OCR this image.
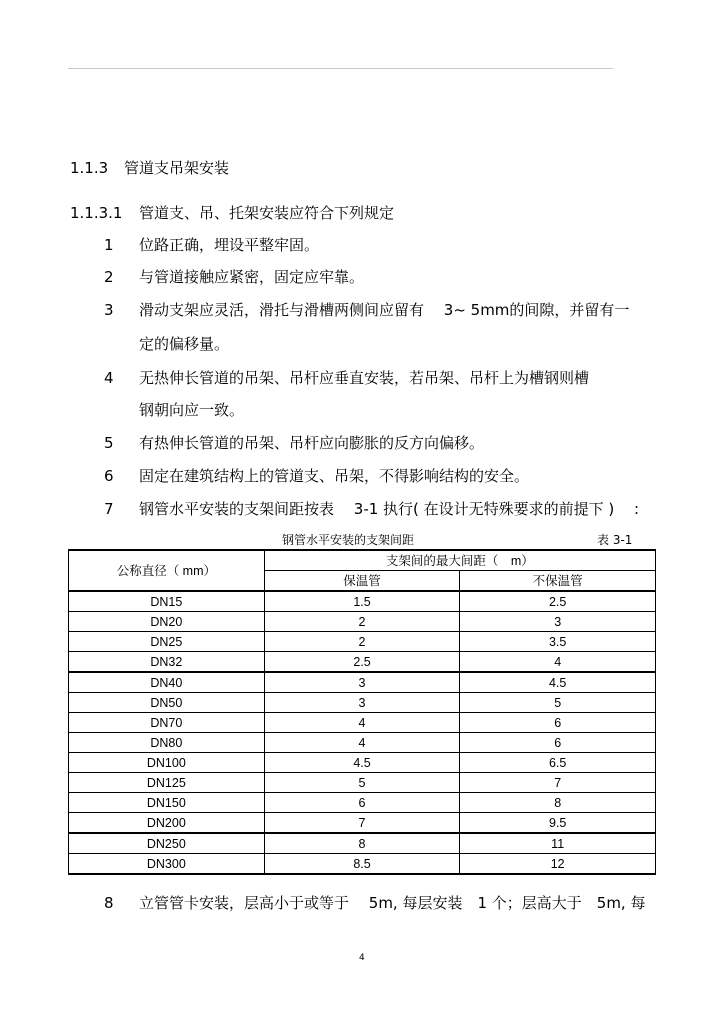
1.1.3 管道支吊架安装
1.1.3.1 管道支、吊、托架安装应符合下列规定
1 位路正确，埋设平整牢固。
2 与管道接触应紧密，固定应牢靠。
3 滑动支架应灵活，滑托与滑槽两侧间应留有　 3~ 5mm的间隙，并留有一
定的偏移量。
4 无热伸长管道的吊架、吊杆应垂直安装，若吊架、吊杆上为槽钢则槽
钢朝向应一致。
5 有热伸长管道的吊架、吊杆应向膨胀的反方向偏移。
6 固定在建筑结构上的管道支、吊架，不得影响结构的安全。
7 钢管水平安装的支架间距按表　 3-1 执行( 在设计无特殊要求的前提下 )　 :
钢管水平安装的支架间距	表 3-1
公称直径（ mm）	支架间的最大间距（　m）	
	保温管	不保温管
DN15	1.5	2.5
DN20	2	3
DN25	2	3.5
DN32	2.5	4
DN40	3	4.5
DN50	3	5
DN70	4	6
DN80	4	6
DN100	4.5	6.5
DN125	5	7
DN150	6	8
DN200	7	9.5
DN250	8	11
DN300	8.5	12
8 立管管卡安装，层高小于或等于　 5m, 每层安装　1 个；层高大于　5m, 每
4
